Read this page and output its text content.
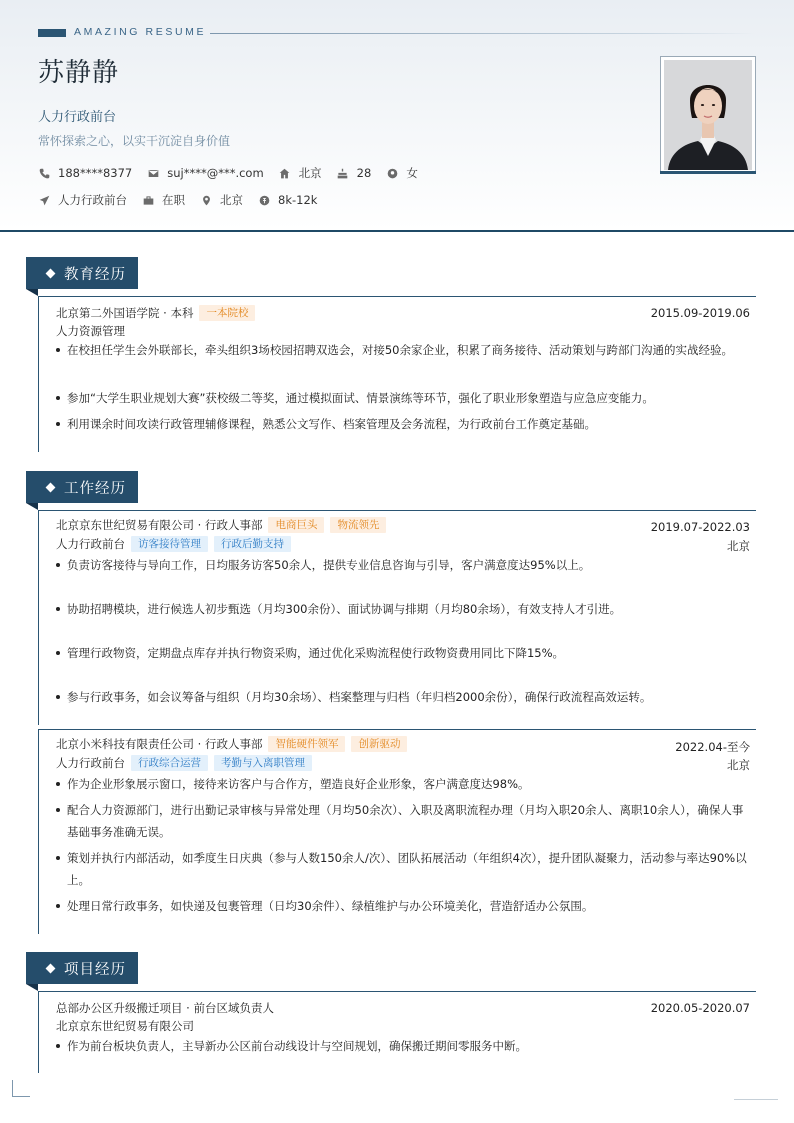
AMAZING RESUME
苏静静
人力行政前台
常怀探索之心，以实干沉淀自身价值
188****8377	suj****@***.com	北京	28	女
人力行政前台	在职	北京	8k-12k
教育经历
北京第二外国语学院 · 本科	一本院校	2015.09-2019.06
人力资源管理
在校担任学生会外联部长，牵头组织3场校园招聘双选会，对接50余家企业，积累了商务接待、活动策划与跨部门沟通的实战经验。
参加“大学生职业规划大赛”获校级二等奖，通过模拟面试、情景演练等环节，强化了职业形象塑造与应急应变能力。
利用课余时间攻读行政管理辅修课程，熟悉公文写作、档案管理及会务流程，为行政前台工作奠定基础。
工作经历
北京京东世纪贸易有限公司 · 行政人事部	电商巨头	物流领先	2019.07-2022.03
人力行政前台	访客接待管理	行政后勤支持	北京
负责访客接待与导向工作，日均服务访客50余人，提供专业信息咨询与引导，客户满意度达95%以上。
协助招聘模块，进行候选人初步甄选（月均300余份）、面试协调与排期（月均80余场），有效支持人才引进。
管理行政物资，定期盘点库存并执行物资采购，通过优化采购流程使行政物资费用同比下降15%。
参与行政事务，如会议筹备与组织（月均30余场）、档案整理与归档（年归档2000余份），确保行政流程高效运转。
北京小米科技有限责任公司 · 行政人事部	智能硬件领军	创新驱动	2022.04-至今
人力行政前台	行政综合运营	考勤与入离职管理	北京
作为企业形象展示窗口，接待来访客户与合作方，塑造良好企业形象，客户满意度达98%。
配合人力资源部门，进行出勤记录审核与异常处理（月均50余次）、入职及离职流程办理（月均入职20余人、离职10余人），确保人事基础事务准确无误。
策划并执行内部活动，如季度生日庆典（参与人数150余人/次）、团队拓展活动（年组织4次），提升团队凝聚力，活动参与率达90%以上。
处理日常行政事务，如快递及包裹管理（日均30余件）、绿植维护与办公环境美化，营造舒适办公氛围。
项目经历
总部办公区升级搬迁项目 · 前台区域负责人	2020.05-2020.07
北京京东世纪贸易有限公司
作为前台板块负责人，主导新办公区前台动线设计与空间规划，确保搬迁期间零服务中断。
